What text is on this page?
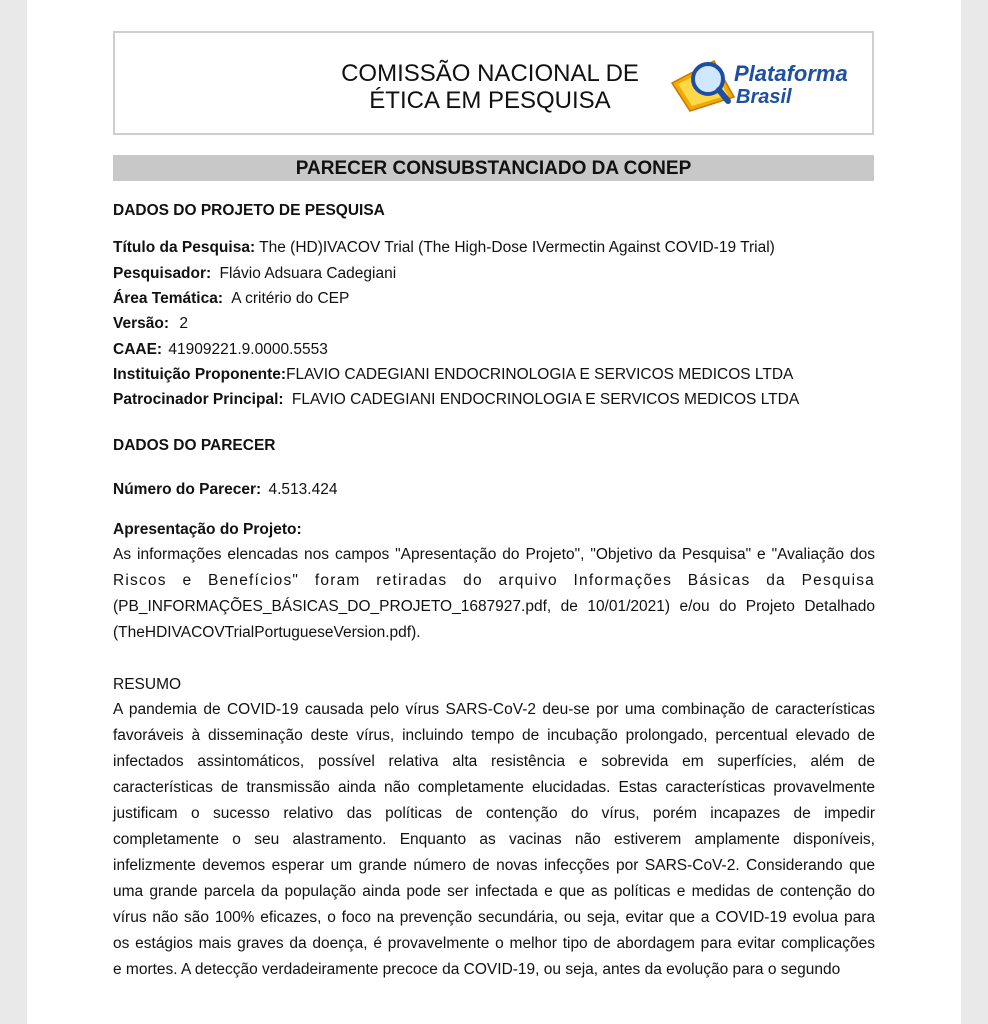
COMISSÃO NACIONAL DE
ÉTICA EM PESQUISA
Plataforma
Brasil
PARECER CONSUBSTANCIADO DA CONEP
DADOS DO PROJETO DE PESQUISA
Título da Pesquisa: The (HD)IVACOV Trial (The High-Dose IVermectin Against COVID-19 Trial)
Pesquisador: Flávio Adsuara Cadegiani
Área Temática: A critério do CEP
Versão: 2
CAAE: 41909221.9.0000.5553
Instituição Proponente:FLAVIO CADEGIANI ENDOCRINOLOGIA E SERVICOS MEDICOS LTDA
Patrocinador Principal: FLAVIO CADEGIANI ENDOCRINOLOGIA E SERVICOS MEDICOS LTDA
DADOS DO PARECER
Número do Parecer: 4.513.424
Apresentação do Projeto:
As informações elencadas nos campos "Apresentação do Projeto", "Objetivo da Pesquisa" e "Avaliação dos
Riscos e Benefícios" foram retiradas do arquivo Informações Básicas da Pesquisa
(PB_INFORMAÇÕES_BÁSICAS_DO_PROJETO_1687927.pdf, de 10/01/2021) e/ou do Projeto Detalhado
(TheHDIVACOVTrialPortugueseVersion.pdf).
RESUMO
A pandemia de COVID-19 causada pelo vírus SARS-CoV-2 deu-se por uma combinação de características
favoráveis à disseminação deste vírus, incluindo tempo de incubação prolongado, percentual elevado de
infectados assintomáticos, possível relativa alta resistência e sobrevida em superfícies, além de
características de transmissão ainda não completamente elucidadas. Estas características provavelmente
justificam o sucesso relativo das políticas de contenção do vírus, porém incapazes de impedir
completamente o seu alastramento. Enquanto as vacinas não estiverem amplamente disponíveis,
infelizmente devemos esperar um grande número de novas infecções por SARS-CoV-2. Considerando que
uma grande parcela da população ainda pode ser infectada e que as políticas e medidas de contenção do
vírus não são 100% eficazes, o foco na prevenção secundária, ou seja, evitar que a COVID-19 evolua para
os estágios mais graves da doença, é provavelmente o melhor tipo de abordagem para evitar complicações
e mortes. A detecção verdadeiramente precoce da COVID-19, ou seja, antes da evolução para o segundo
